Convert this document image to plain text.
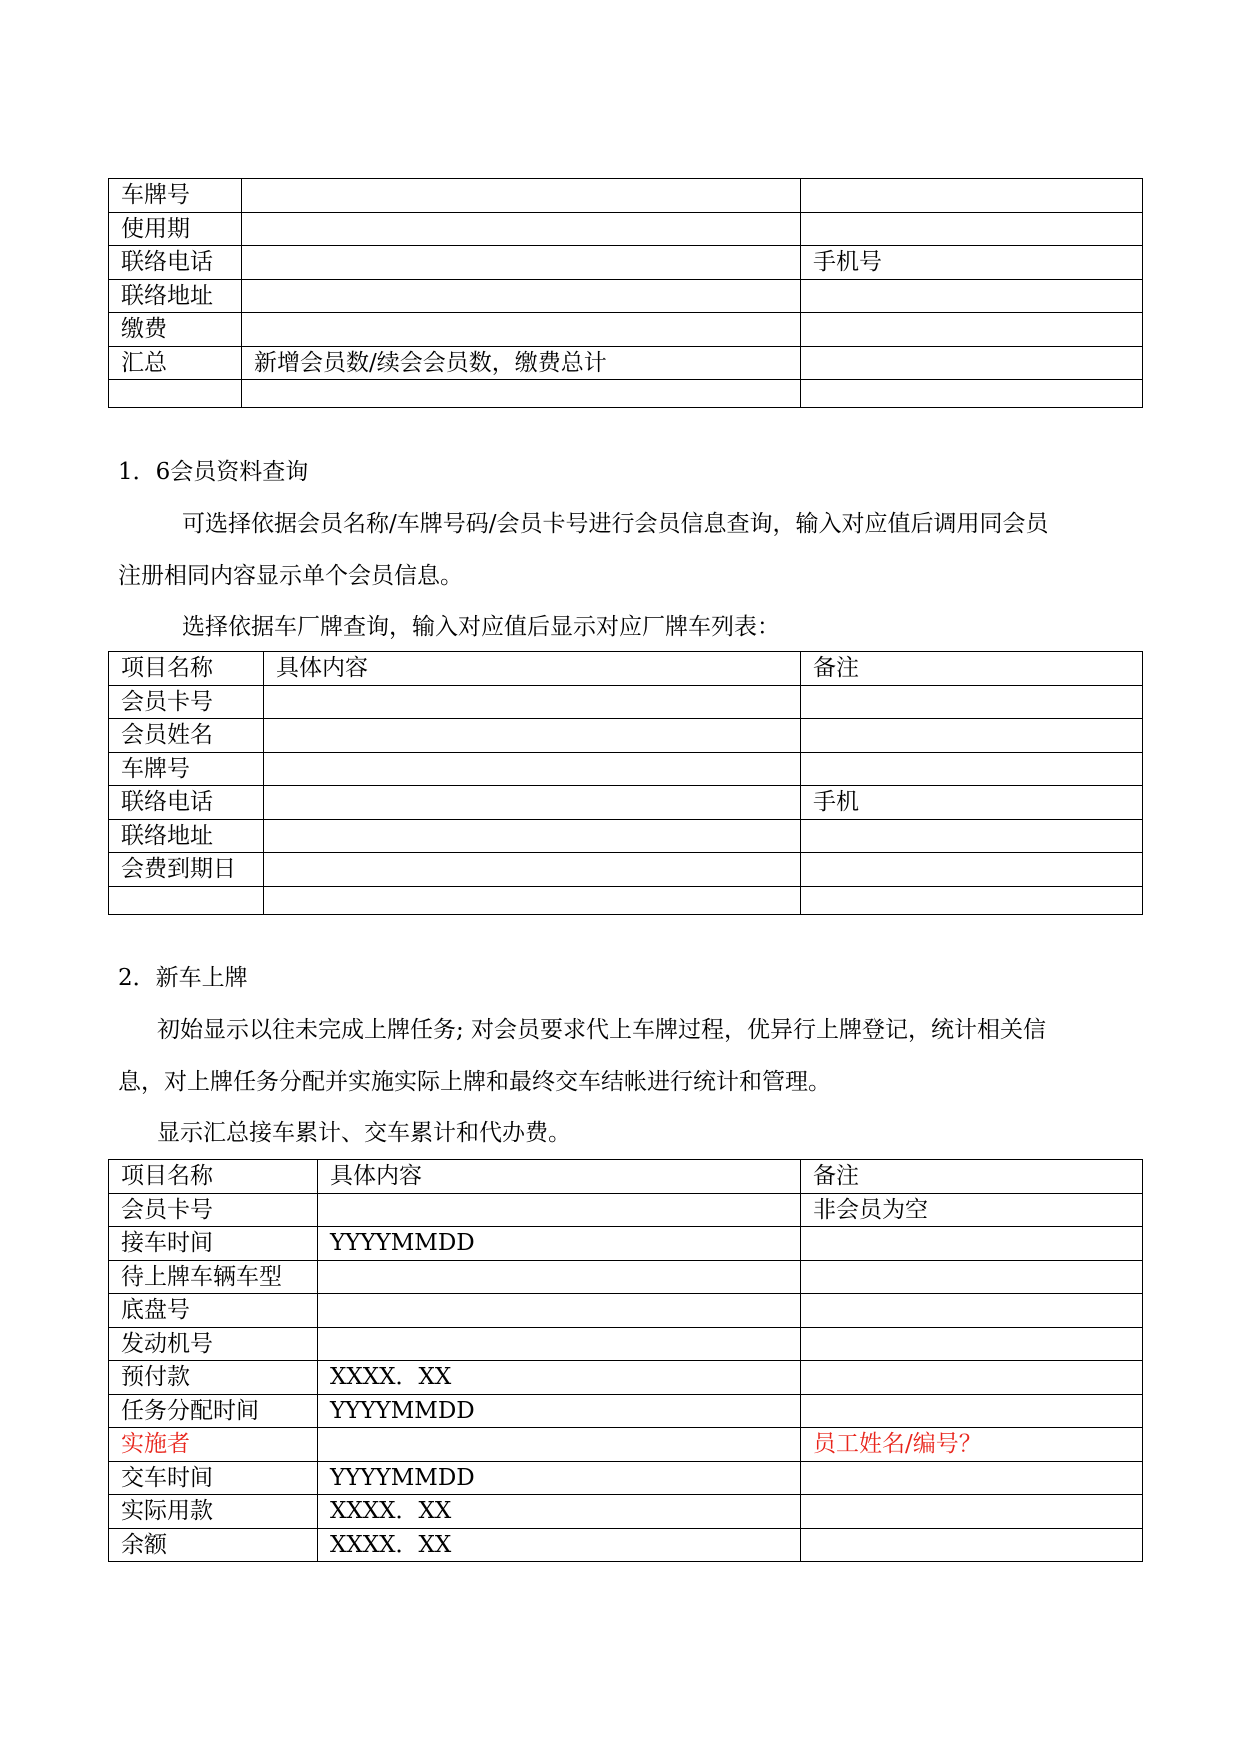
车牌号		
使用期		
联络电话		手机号
联络地址		
缴费		
汇总	新增会员数/续会会员数，缴费总计	

1．6会员资料查询

可选择依据会员名称/车牌号码/会员卡号进行会员信息查询，输入对应值后调用同会员

注册相同内容显示单个会员信息。

选择依据车厂牌查询，输入对应值后显示对应厂牌车列表：

项目名称	具体内容	备注
会员卡号		
会员姓名		
车牌号		
联络电话		手机
联络地址		
会费到期日		

2．新车上牌

初始显示以往未完成上牌任务; 对会员要求代上车牌过程，优异行上牌登记，统计相关信

息，对上牌任务分配并实施实际上牌和最终交车结帐进行统计和管理。

显示汇总接车累计、交车累计和代办费。

项目名称	具体内容	备注
会员卡号		非会员为空
接车时间	YYYYMMDD	
待上牌车辆车型		
底盘号		
发动机号		
预付款	XXXX．XX	
任务分配时间	YYYYMMDD	
实施者		员工姓名/编号？
交车时间	YYYYMMDD	
实际用款	XXXX．XX	
余额	XXXX．XX	
